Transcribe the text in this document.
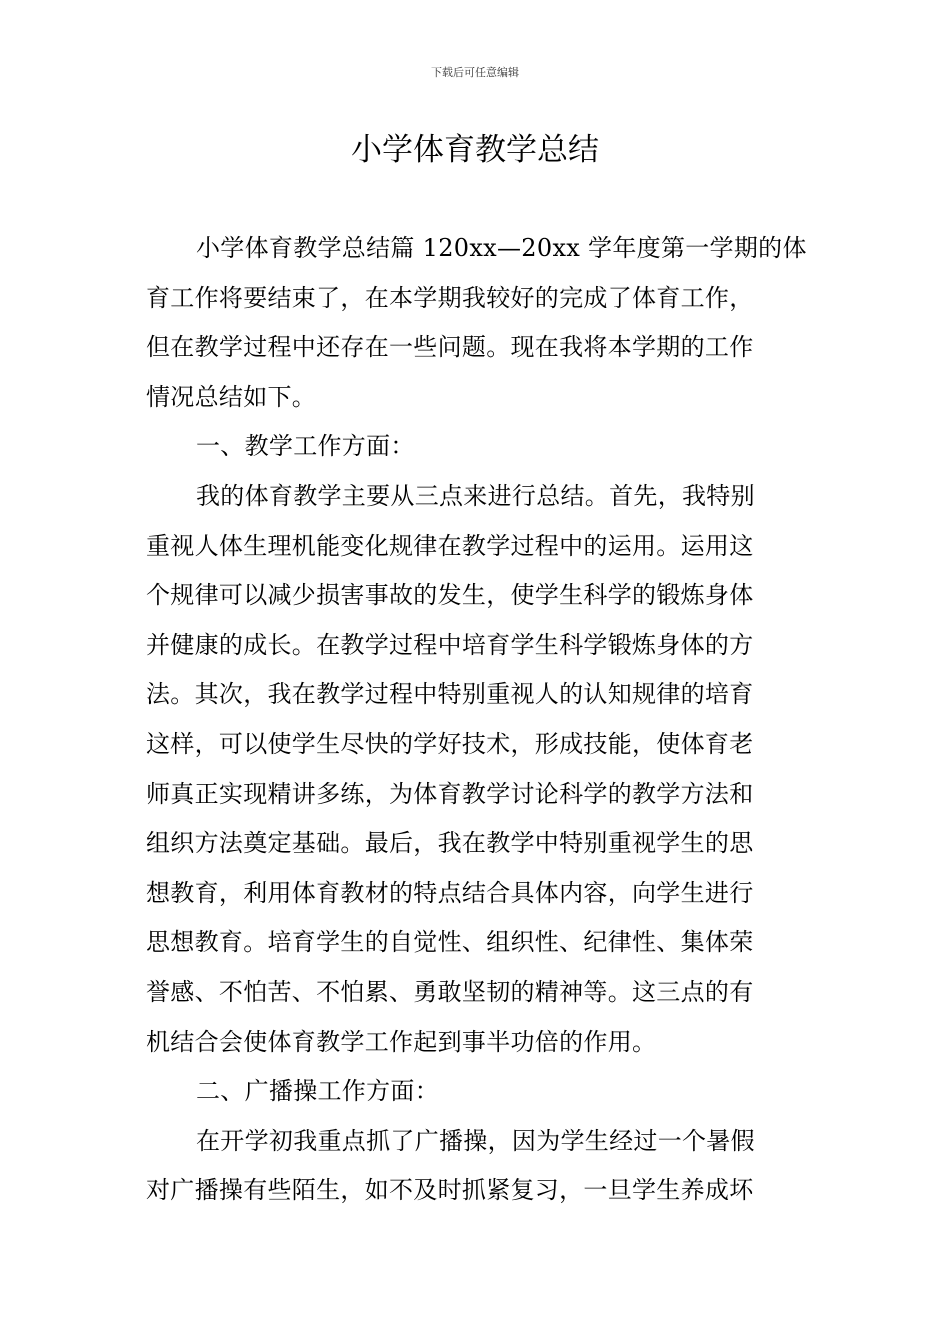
下载后可任意编辑
小学体育教学总结
小学体育教学总结篇 120xx—20xx 学年度第一学期的体
育工作将要结束了，在本学期我较好的完成了体育工作，
但在教学过程中还存在一些问题。现在我将本学期的工作
情况总结如下。
一、教学工作方面：
我的体育教学主要从三点来进行总结。首先，我特别
重视人体生理机能变化规律在教学过程中的运用。运用这
个规律可以减少损害事故的发生，使学生科学的锻炼身体
并健康的成长。在教学过程中培育学生科学锻炼身体的方
法。其次，我在教学过程中特别重视人的认知规律的培育
这样，可以使学生尽快的学好技术，形成技能，使体育老
师真正实现精讲多练，为体育教学讨论科学的教学方法和
组织方法奠定基础。最后，我在教学中特别重视学生的思
想教育，利用体育教材的特点结合具体内容，向学生进行
思想教育。培育学生的自觉性、组织性、纪律性、集体荣
誉感、不怕苦、不怕累、勇敢坚韧的精神等。这三点的有
机结合会使体育教学工作起到事半功倍的作用。
二、广播操工作方面：
在开学初我重点抓了广播操，因为学生经过一个暑假
对广播操有些陌生，如不及时抓紧复习，一旦学生养成坏
